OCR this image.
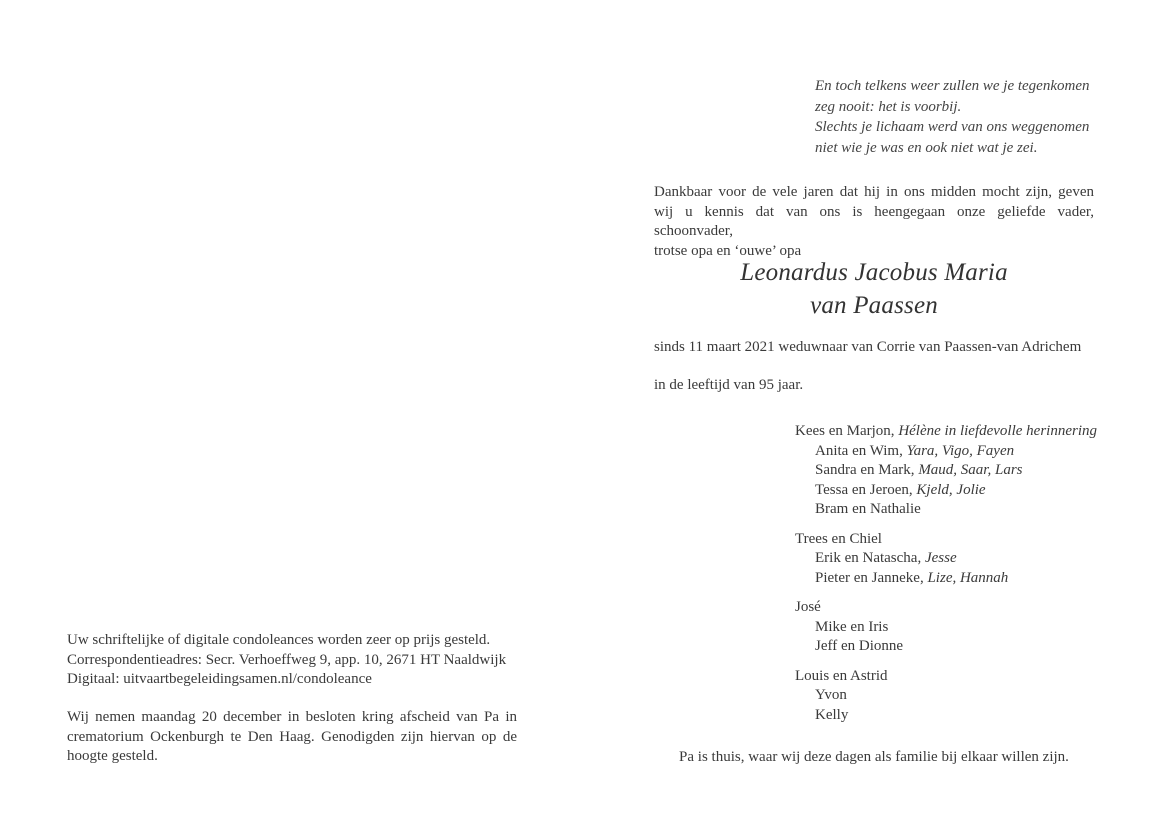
Uw schriftelijke of digitale condoleances worden zeer op prijs gesteld.
Correspondentieadres: Secr. Verhoeffweg 9, app. 10, 2671 HT Naaldwijk
Digitaal: uitvaartbegeleidingsamen.nl/condoleance
Wij nemen maandag 20 december in besloten kring afscheid van Pa in
crematorium Ockenburgh te Den Haag. Genodigden zijn hiervan op de
hoogte gesteld.
En toch telkens weer zullen we je tegenkomen
zeg nooit: het is voorbij.
Slechts je lichaam werd van ons weggenomen
niet wie je was en ook niet wat je zei.
Dankbaar voor de vele jaren dat hij in ons midden mocht zijn, geven
wij u kennis dat van ons is heengegaan onze geliefde vader, schoonvader,
trotse opa en ‘ouwe’ opa
Leonardus Jacobus Maria
van Paassen
sinds 11 maart 2021 weduwnaar van Corrie van Paassen-van Adrichem
in de leeftijd van 95 jaar.
Kees en Marjon, Hélène in liefdevolle herinnering
Anita en Wim, Yara, Vigo, Fayen
Sandra en Mark, Maud, Saar, Lars
Tessa en Jeroen, Kjeld, Jolie
Bram en Nathalie
Trees en Chiel
Erik en Natascha, Jesse
Pieter en Janneke, Lize, Hannah
José
Mike en Iris
Jeff en Dionne
Louis en Astrid
Yvon
Kelly
Pa is thuis, waar wij deze dagen als familie bij elkaar willen zijn.
